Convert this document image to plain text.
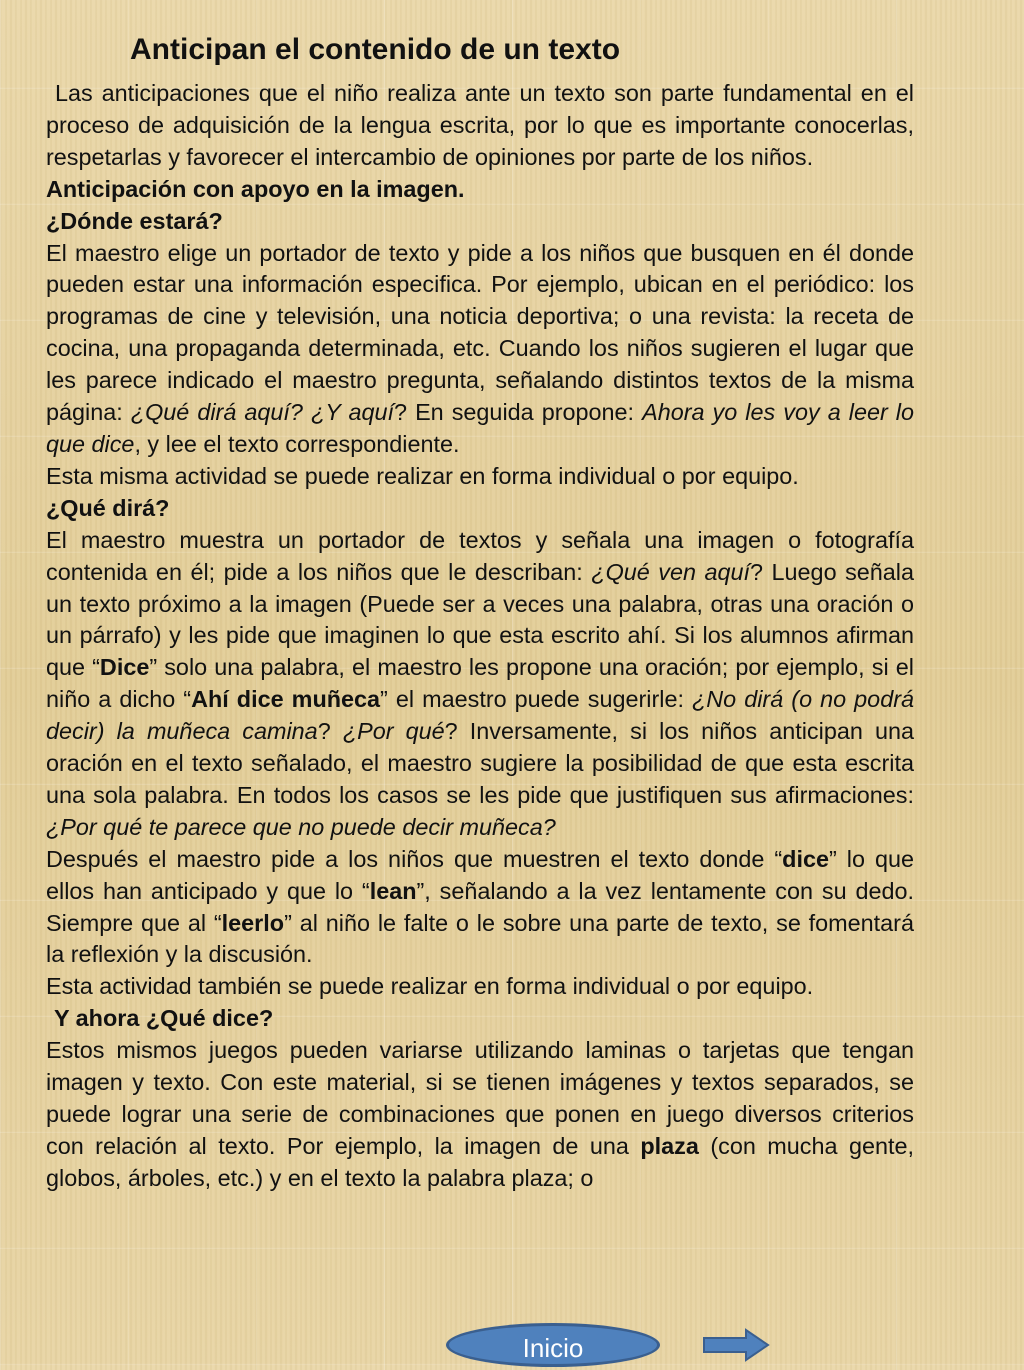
Anticipan el contenido de un texto

Las anticipaciones que el niño realiza ante un texto son parte fundamental en el proceso de adquisición de la lengua escrita, por lo que es importante conocerlas, respetarlas y favorecer el intercambio de opiniones por parte de los niños.

Anticipación con apoyo en la imagen.

¿Dónde estará?

El maestro elige un portador de texto y pide a los niños que busquen en él donde pueden estar una información especifica. Por ejemplo, ubican en el periódico: los programas de cine y televisión, una noticia deportiva; o una revista: la receta de cocina, una propaganda determinada, etc. Cuando los niños sugieren el lugar que les parece indicado el maestro pregunta, señalando distintos textos de la misma página: ¿Qué dirá aquí? ¿Y aquí? En seguida propone: Ahora yo les voy a leer lo que dice, y lee el texto correspondiente.

Esta misma actividad se puede realizar en forma individual o por equipo.

¿Qué dirá?

El maestro muestra un portador de textos y señala una imagen o fotografía contenida en él; pide a los niños que le describan: ¿Qué ven aquí? Luego señala un texto próximo a la imagen (Puede ser a veces una palabra, otras una oración o un párrafo) y les pide que imaginen lo que esta escrito ahí. Si los alumnos afirman que “Dice” solo una palabra, el maestro les propone una oración; por ejemplo, si el niño a dicho “Ahí dice muñeca” el maestro puede sugerirle: ¿No dirá (o no podrá decir) la muñeca camina? ¿Por qué? Inversamente, si los niños anticipan una oración en el texto señalado, el maestro sugiere la posibilidad de que esta escrita una sola palabra. En todos los casos se les pide que justifiquen sus afirmaciones: ¿Por qué te parece que no puede decir muñeca?

Después el maestro pide a los niños que muestren el texto donde “dice” lo que ellos han anticipado y que lo “lean”, señalando a la vez lentamente con su dedo. Siempre que al “leerlo” al niño le falte o le sobre una parte de texto, se fomentará la reflexión y la discusión.

Esta actividad también se puede realizar en forma individual o por equipo.

Y ahora ¿Qué dice?

Estos mismos juegos pueden variarse utilizando laminas o tarjetas que tengan imagen y texto. Con este material, si se tienen imágenes y textos separados, se puede lograr una serie de combinaciones que ponen en juego diversos criterios con relación al texto. Por ejemplo, la imagen de una plaza (con mucha gente, globos, árboles, etc.) y en el texto la palabra plaza; o

Inicio
